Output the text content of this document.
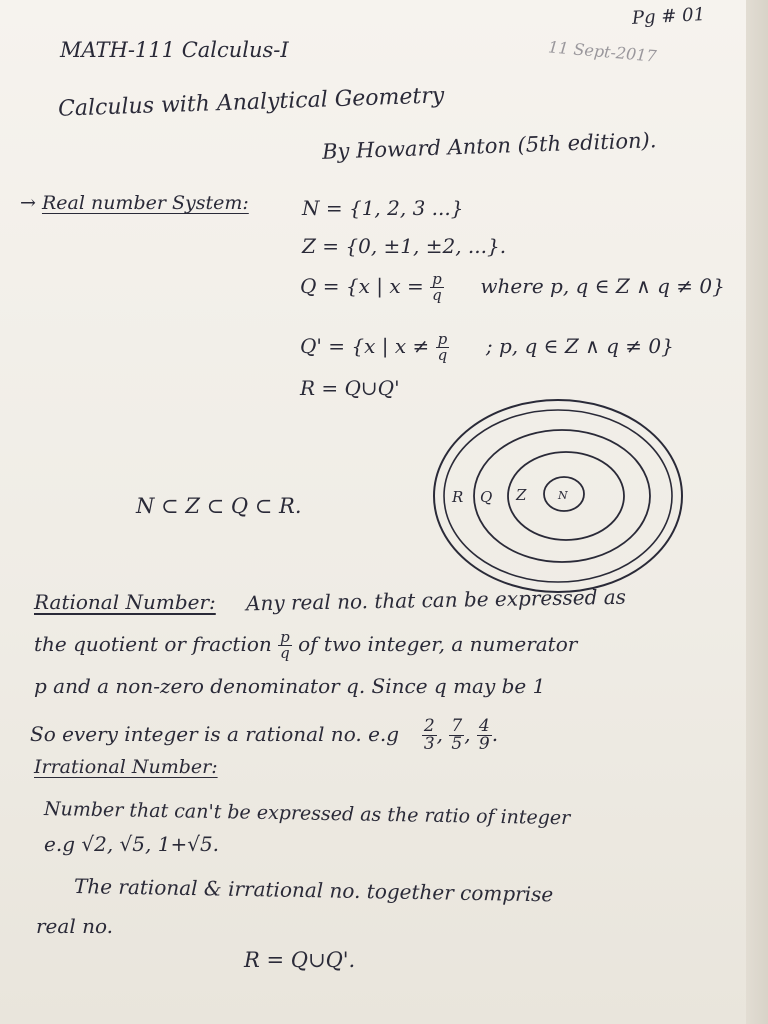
Pg # 01
MATH-111 Calculus-I	11 Sept-2017
Calculus with Analytical Geometry
By Howard Anton (5th edition).
→ Real number System:	N = {1, 2, 3 ...}
Z = {0, ±1, ±2, ...}.
Q = {x | $x = \frac{p}{q}$ where p, q ∈ Z ∧ q ≠ 0}
Q' = {x | $x \ne \frac{p}{q}$ ; p, q ∈ Z ∧ q ≠ 0}
R = Q∪Q'
N ⊂ Z ⊂ Q ⊂ R.	R Q Z	N
Rational Number: Any real no. that can be expressed as
the quotient or fraction $\frac{p}{q}$ of two integer, a numerator
p and a non-zero denominator q. Since q may be 1
So every integer is a rational no. $e.g \frac{2}{3}$ , $\frac{7}{5}$ , $\frac{4}{9}$ .
Irrational Number:
Number that can't be expressed as the ratio of integer
e.g √2, √5, 1+√5.
The rational & irrational no. together comprise
real no.
R = Q∪Q'.
